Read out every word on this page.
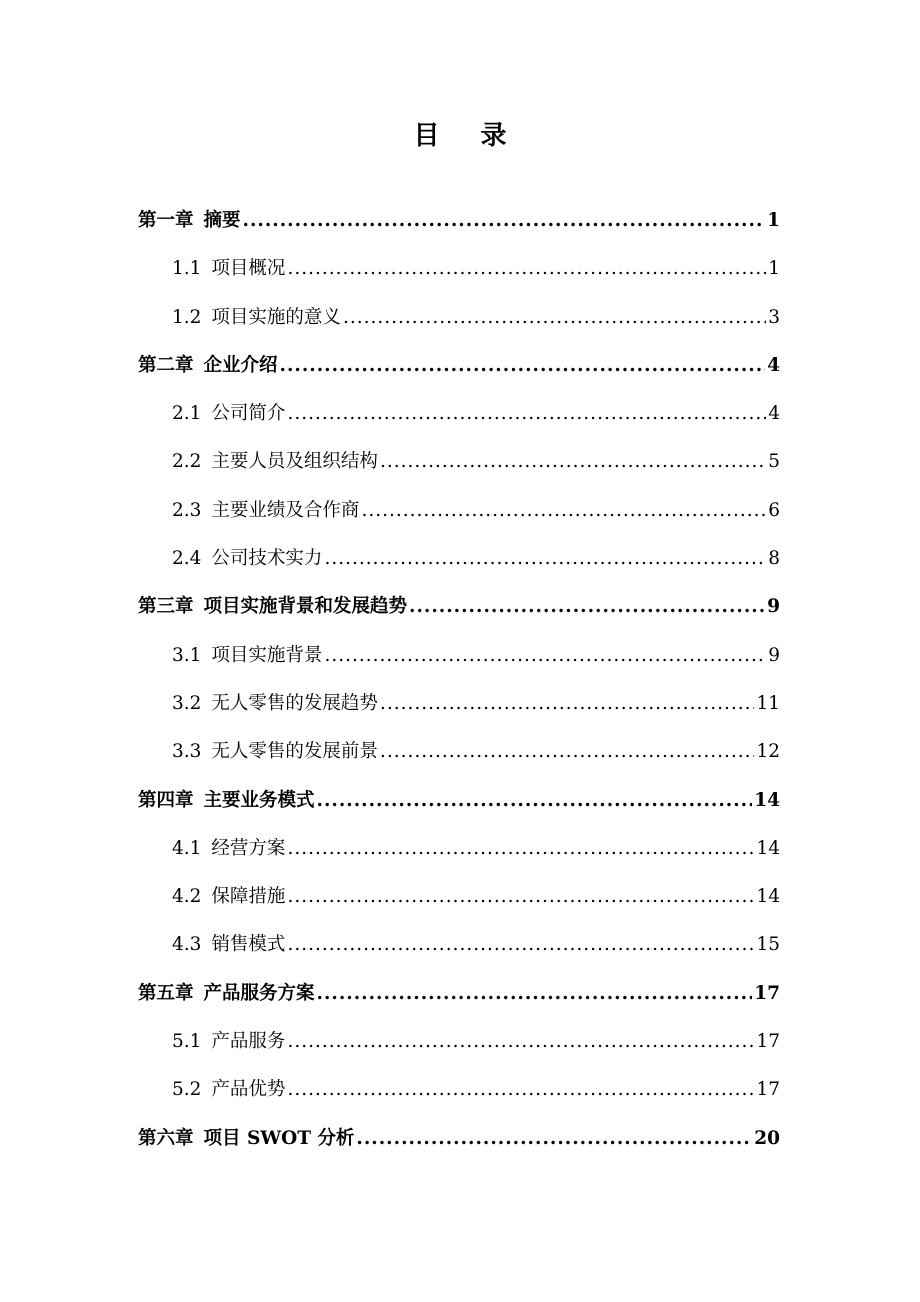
目 录
第一章 摘要 .....	1
1.1 项目概况 .....	1
1.2 项目实施的意义 .....	3
第二章 企业介绍 .....	4
2.1 公司简介 .....	4
2.2 主要人员及组织结构 .....	5
2.3 主要业绩及合作商 .....	6
2.4 公司技术实力 .....	8
第三章 项目实施背景和发展趋势 .....	9
3.1 项目实施背景 .....	9
3.2 无人零售的发展趋势 .....	11
3.3 无人零售的发展前景 .....	12
第四章 主要业务模式 .....	14
4.1 经营方案 .....	14
4.2 保障措施 .....	14
4.3 销售模式 .....	15
第五章 产品服务方案 .....	17
5.1 产品服务 .....	17
5.2 产品优势 .....	17
第六章 项目 SWOT 分析 .....	20
